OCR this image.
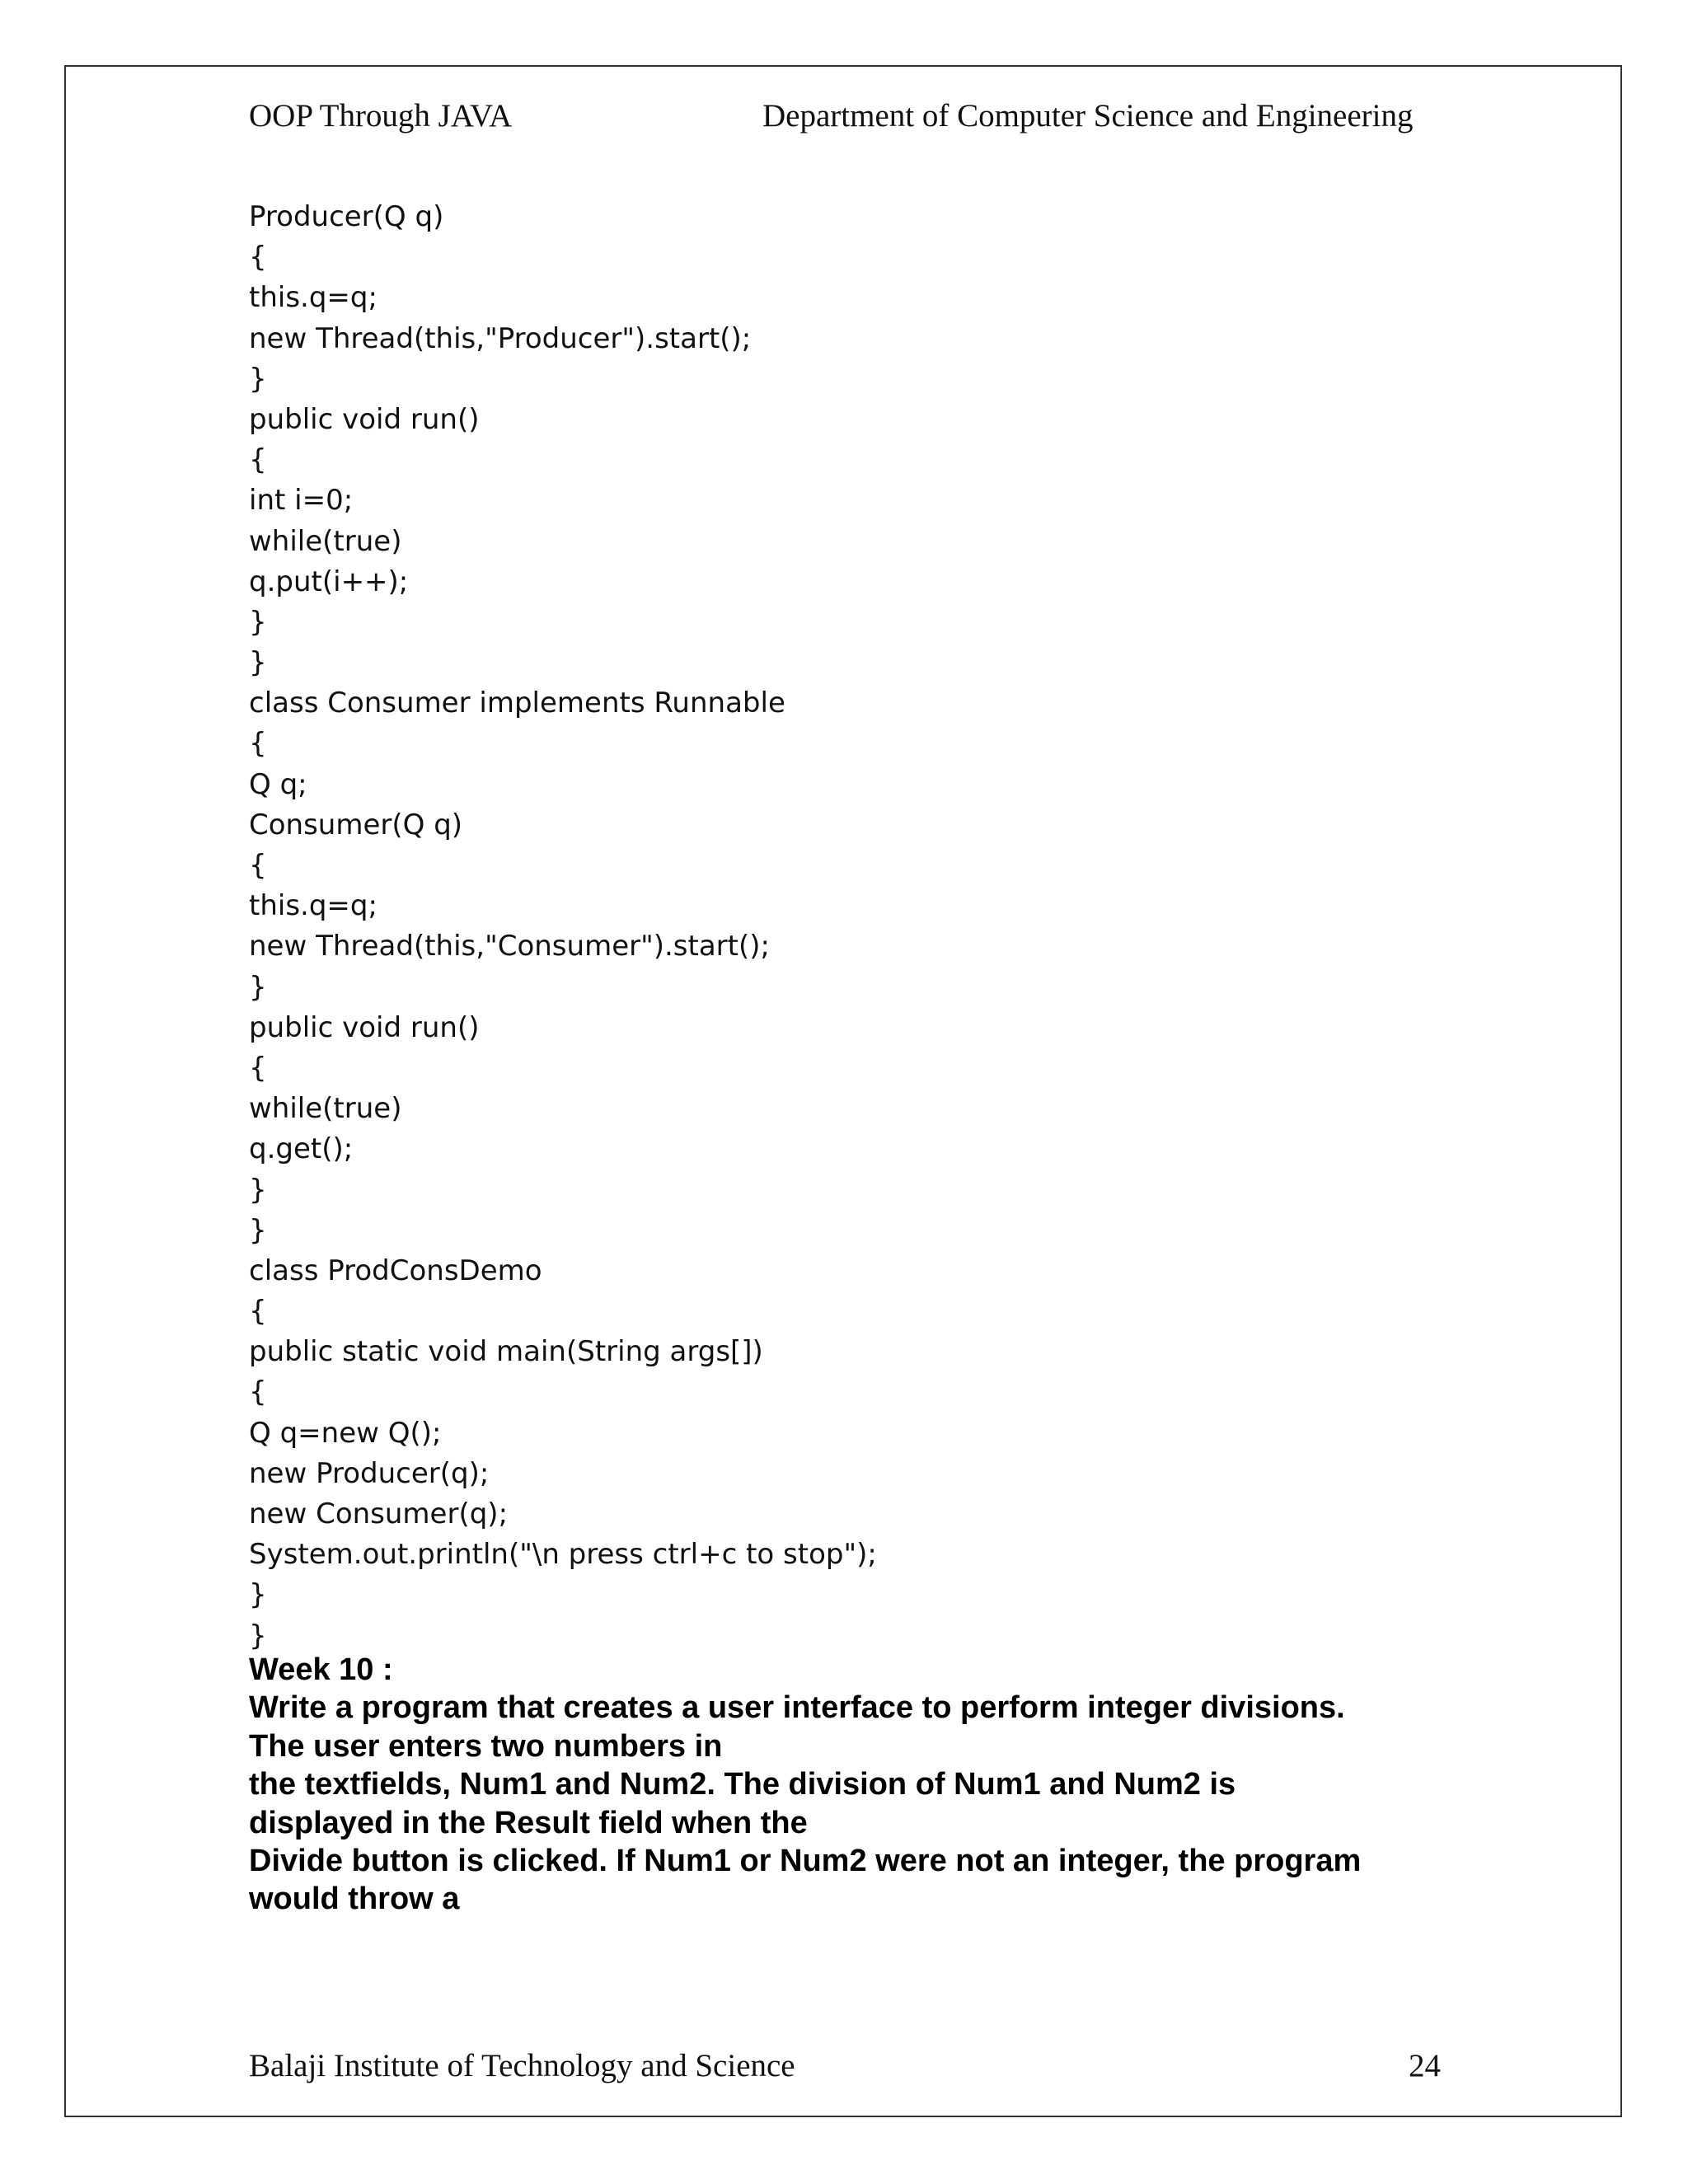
OOP Through JAVA	Department of Computer Science and Engineering
Producer(Q q)
{
this.q=q;
new Thread(this,"Producer").start();
}
public void run()
{
int i=0;
while(true)
q.put(i++);
}
}
class Consumer implements Runnable
{
Q q;
Consumer(Q q)
{
this.q=q;
new Thread(this,"Consumer").start();
}
public void run()
{
while(true)
q.get();
}
}
class ProdConsDemo
{
public static void main(String args[])
{
Q q=new Q();
new Producer(q);
new Consumer(q);
System.out.println("\n press ctrl+c to stop");
}
}
Week 10 :
Write a program that creates a user interface to perform integer divisions.
The user enters two numbers in
the textfields, Num1 and Num2. The division of Num1 and Num2 is
displayed in the Result field when the
Divide button is clicked. If Num1 or Num2 were not an integer, the program
would throw a
Balaji Institute of Technology and Science	24
